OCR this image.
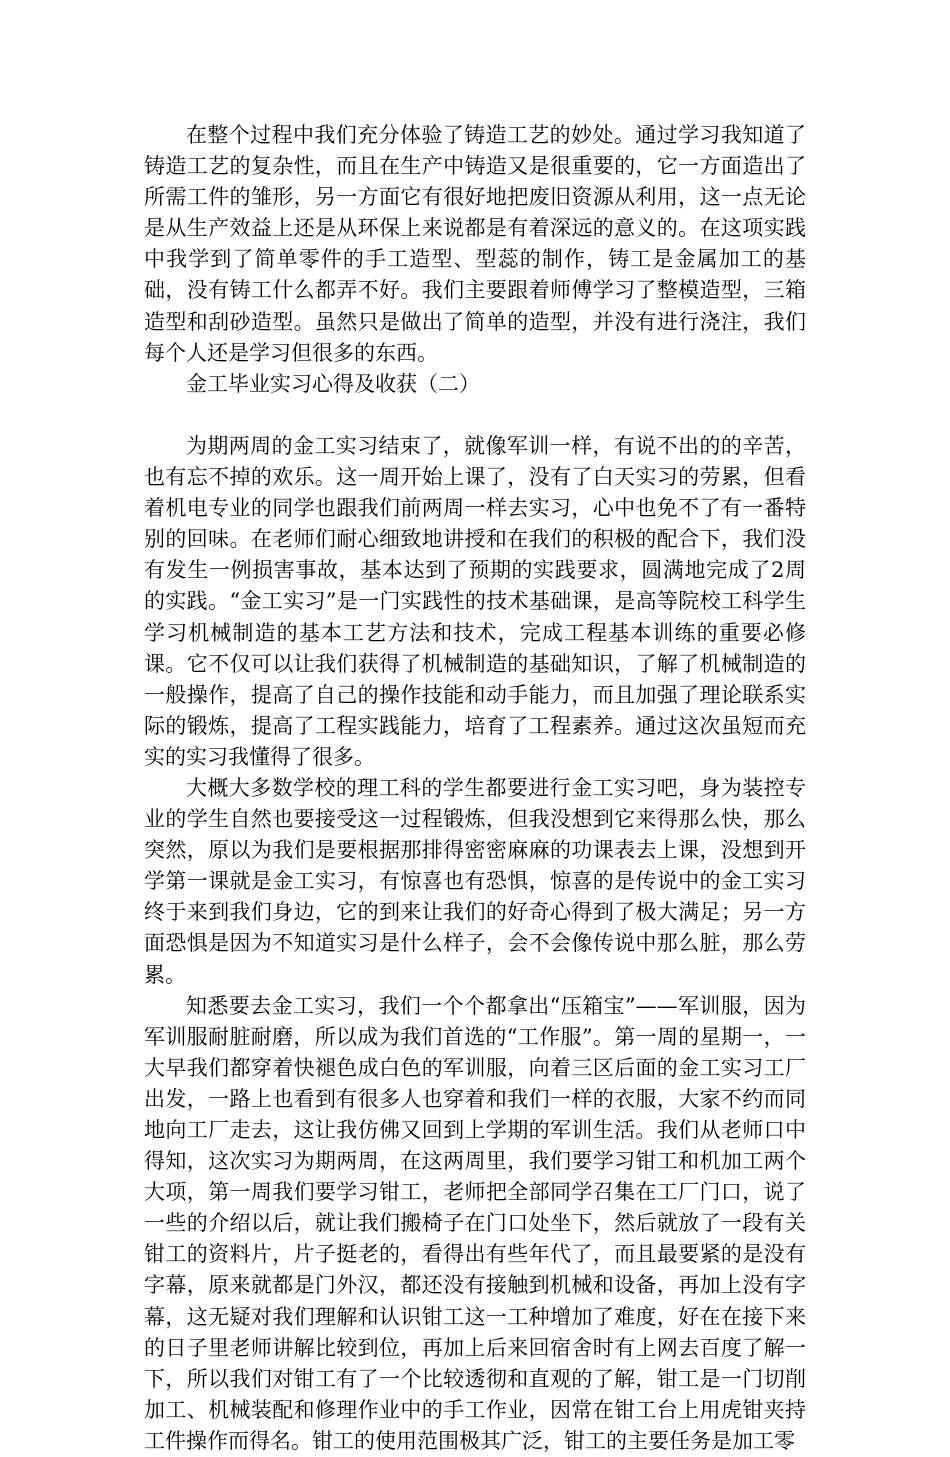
在整个过程中我们充分体验了铸造工艺的妙处。通过学习我知道了铸造工艺的复杂性，而且在生产中铸造又是很重要的，它一方面造出了所需工件的雏形，另一方面它有很好地把废旧资源从利用，这一点无论是从生产效益上还是从环保上来说都是有着深远的意义的。在这项实践中我学到了简单零件的手工造型、型蕊的制作，铸工是金属加工的基础，没有铸工什么都弄不好。我们主要跟着师傅学习了整模造型，三箱造型和刮砂造型。虽然只是做出了简单的造型，并没有进行浇注，我们每个人还是学习但很多的东西。

金工毕业实习心得及收获（二）

为期两周的金工实习结束了，就像军训一样，有说不出的的辛苦，也有忘不掉的欢乐。这一周开始上课了，没有了白天实习的劳累，但看着机电专业的同学也跟我们前两周一样去实习，心中也免不了有一番特别的回味。在老师们耐心细致地讲授和在我们的积极的配合下，我们没有发生一例损害事故，基本达到了预期的实践要求，圆满地完成了2周的实践。“金工实习”是一门实践性的技术基础课，是高等院校工科学生学习机械制造的基本工艺方法和技术，完成工程基本训练的重要必修课。它不仅可以让我们获得了机械制造的基础知识，了解了机械制造的一般操作，提高了自己的操作技能和动手能力，而且加强了理论联系实际的锻炼，提高了工程实践能力，培育了工程素养。通过这次虽短而充实的实习我懂得了很多。

大概大多数学校的理工科的学生都要进行金工实习吧，身为装控专业的学生自然也要接受这一过程锻炼，但我没想到它来得那么快，那么突然，原以为我们是要根据那排得密密麻麻的功课表去上课，没想到开学第一课就是金工实习，有惊喜也有恐惧，惊喜的是传说中的金工实习终于来到我们身边，它的到来让我们的好奇心得到了极大满足；另一方面恐惧是因为不知道实习是什么样子，会不会像传说中那么脏，那么劳累。

知悉要去金工实习，我们一个个都拿出“压箱宝”——军训服，因为军训服耐脏耐磨，所以成为我们首选的“工作服”。第一周的星期一，一大早我们都穿着快褪色成白色的军训服，向着三区后面的金工实习工厂出发，一路上也看到有很多人也穿着和我们一样的衣服，大家不约而同地向工厂走去，这让我仿佛又回到上学期的军训生活。我们从老师口中得知，这次实习为期两周，在这两周里，我们要学习钳工和机加工两个大项，第一周我们要学习钳工，老师把全部同学召集在工厂门口，说了一些的介绍以后，就让我们搬椅子在门口处坐下，然后就放了一段有关钳工的资料片，片子挺老的，看得出有些年代了，而且最要紧的是没有字幕，原来就都是门外汉，都还没有接触到机械和设备，再加上没有字幕，这无疑对我们理解和认识钳工这一工种增加了难度，好在在接下来的日子里老师讲解比较到位，再加上后来回宿舍时有上网去百度了解一下，所以我们对钳工有了一个比较透彻和直观的了解，钳工是一门切削加工、机械装配和修理作业中的手工作业，因常在钳工台上用虎钳夹持工件操作而得名。钳工的使用范围极其广泛，钳工的主要任务是加工零
